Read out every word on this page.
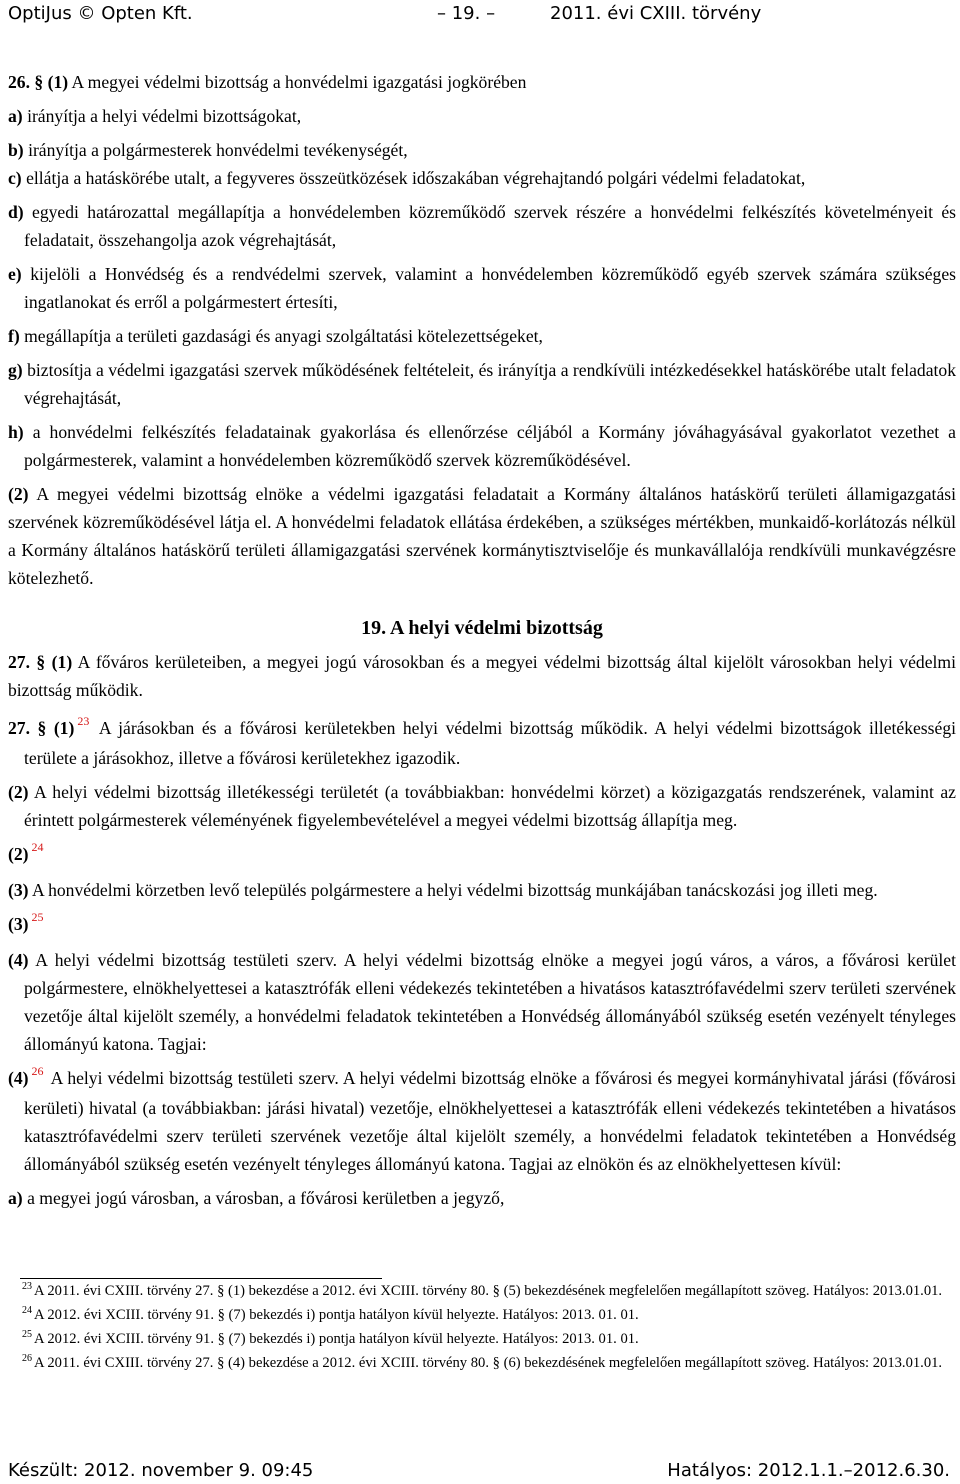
OptiJus © Opten Kft.	– 19. –	2011. évi CXIII. törvény

26. § (1) A megyei védelmi bizottság a honvédelmi igazgatási jogkörében

a) irányítja a helyi védelmi bizottságokat,

b) irányítja a polgármesterek honvédelmi tevékenységét,

c) ellátja a hatáskörébe utalt, a fegyveres összeütközések időszakában végrehajtandó polgári védelmi feladatokat,

d) egyedi határozattal megállapítja a honvédelemben közreműködő szervek részére a honvédelmi felkészítés követelményeit és feladatait, összehangolja azok végrehajtását,

e) kijelöli a Honvédség és a rendvédelmi szervek, valamint a honvédelemben közreműködő egyéb szervek számára szükséges ingatlanokat és erről a polgármestert értesíti,

f) megállapítja a területi gazdasági és anyagi szolgáltatási kötelezettségeket,

g) biztosítja a védelmi igazgatási szervek működésének feltételeit, és irányítja a rendkívüli intézkedésekkel hatáskörébe utalt feladatok végrehajtását,

h) a honvédelmi felkészítés feladatainak gyakorlása és ellenőrzése céljából a Kormány jóváhagyásával gyakorlatot vezethet a polgármesterek, valamint a honvédelemben közreműködő szervek közreműködésével.

(2) A megyei védelmi bizottság elnöke a védelmi igazgatási feladatait a Kormány általános hatáskörű területi államigazgatási szervének közreműködésével látja el. A honvédelmi feladatok ellátása érdekében, a szükséges mértékben, munkaidő-korlátozás nélkül a Kormány általános hatáskörű területi államigazgatási szervének kormánytisztviselője és munkavállalója rendkívüli munkavégzésre kötelezhető.

19. A helyi védelmi bizottság

27. § (1) A főváros kerületeiben, a megyei jogú városokban és a megyei védelmi bizottság által kijelölt városokban helyi védelmi bizottság működik.

27. § (1) $^{23}$ A járásokban és a fővárosi kerületekben helyi védelmi bizottság működik. A helyi védelmi bizottságok illetékességi területe a járásokhoz, illetve a fővárosi kerületekhez igazodik.

(2) A helyi védelmi bizottság illetékességi területét (a továbbiakban: honvédelmi körzet) a közigazgatás rendszerének, valamint az érintett polgármesterek véleményének figyelembevételével a megyei védelmi bizottság állapítja meg.

(2) $^{24}$

(3) A honvédelmi körzetben levő település polgármestere a helyi védelmi bizottság munkájában tanácskozási jog illeti meg.

(3) $^{25}$

(4) A helyi védelmi bizottság testületi szerv. A helyi védelmi bizottság elnöke a megyei jogú város, a város, a fővárosi kerület polgármestere, elnökhelyettesei a katasztrófák elleni védekezés tekintetében a hivatásos katasztrófavédelmi szerv területi szervének vezetője által kijelölt személy, a honvédelmi feladatok tekintetében a Honvédség állományából szükség esetén vezényelt tényleges állományú katona. Tagjai:

(4) $^{26}$ A helyi védelmi bizottság testületi szerv. A helyi védelmi bizottság elnöke a fővárosi és megyei kormányhivatal járási (fővárosi kerületi) hivatal (a továbbiakban: járási hivatal) vezetője, elnökhelyettesei a katasztrófák elleni védekezés tekintetében a hivatásos katasztrófavédelmi szerv területi szervének vezetője által kijelölt személy, a honvédelmi feladatok tekintetében a Honvédség állományából szükség esetén vezényelt tényleges állományú katona. Tagjai az elnökön és az elnökhelyettesen kívül:

a) a megyei jogú városban, a városban, a fővárosi kerületben a jegyző,

$^{23}$ A 2011. évi CXIII. törvény 27. § (1) bekezdése a 2012. évi XCIII. törvény 80. § (5) bekezdésének megfelelően megállapított szöveg. Hatályos: 2013.01.01.

$^{24}$ A 2012. évi XCIII. törvény 91. § (7) bekezdés i) pontja hatályon kívül helyezte. Hatályos: 2013. 01. 01.

$^{25}$ A 2012. évi XCIII. törvény 91. § (7) bekezdés i) pontja hatályon kívül helyezte. Hatályos: 2013. 01. 01.

$^{26}$ A 2011. évi CXIII. törvény 27. § (4) bekezdése a 2012. évi XCIII. törvény 80. § (6) bekezdésének megfelelően megállapított szöveg. Hatályos: 2013.01.01.

Készült: 2012. november 9. 09:45	Hatályos: 2012.1.1.–2012.6.30.
